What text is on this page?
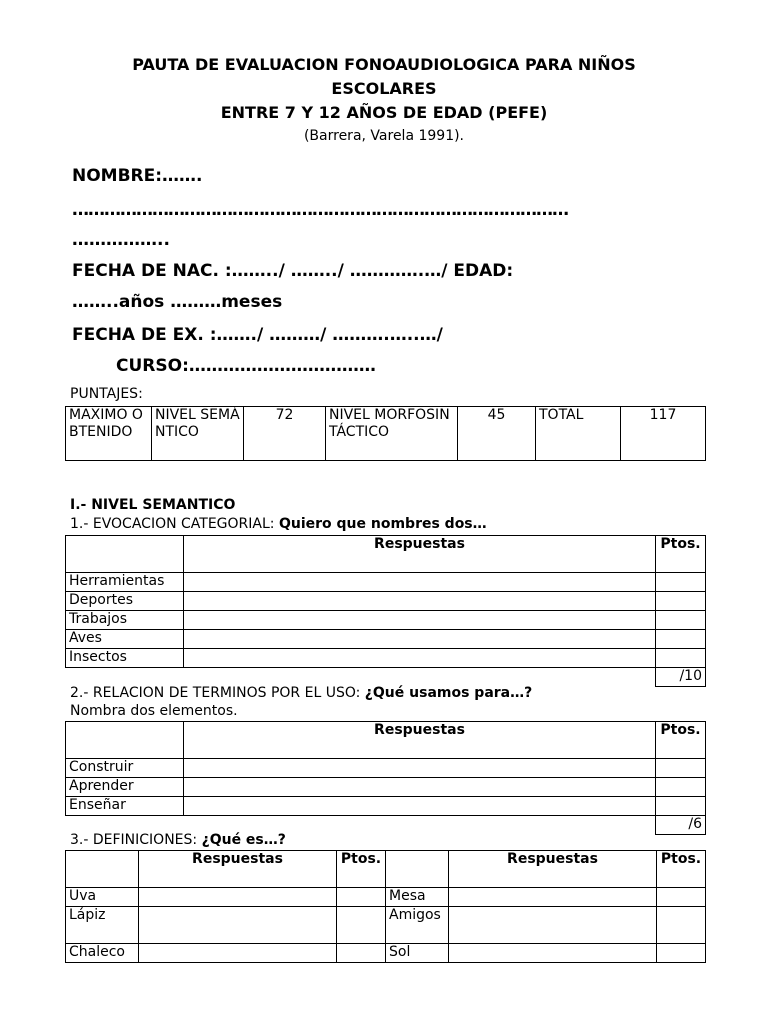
PAUTA DE EVALUACION FONOAUDIOLOGICA PARA NIÑOS
ESCOLARES
ENTRE 7 Y 12 AÑOS DE EDAD (PEFE)
(Barrera, Varela 1991).
NOMBRE:…….
…………………………………………………………………………………
……………..
FECHA DE NAC. :……../ ……../ ………….…/ EDAD:
……..años ………meses
FECHA DE EX. :……./ ………/ ……….…..…/
CURSO:……………………………
PUNTAJES:
MAXIMO OBTENIDO	NIVEL SEMÁNTICO	72	NIVEL MORFOSINTÁCTICO	45	TOTAL	117
I.- NIVEL SEMANTICO
1.- EVOCACION CATEGORIAL: Quiero que nombres dos…
	Respuestas	Ptos.
Herramientas		
Deportes		
Trabajos		
Aves		
Insectos		
		/10
2.- RELACION DE TERMINOS POR EL USO: ¿Qué usamos para…?
Nombra dos elementos.
	Respuestas	Ptos.
Construir		
Aprender		
Enseñar		
		/6
3.- DEFINICIONES: ¿Qué es…?
	Respuestas	Ptos.		Respuestas	Ptos.
Uva			Mesa		
Lápiz			Amigos		
Chaleco			Sol		
